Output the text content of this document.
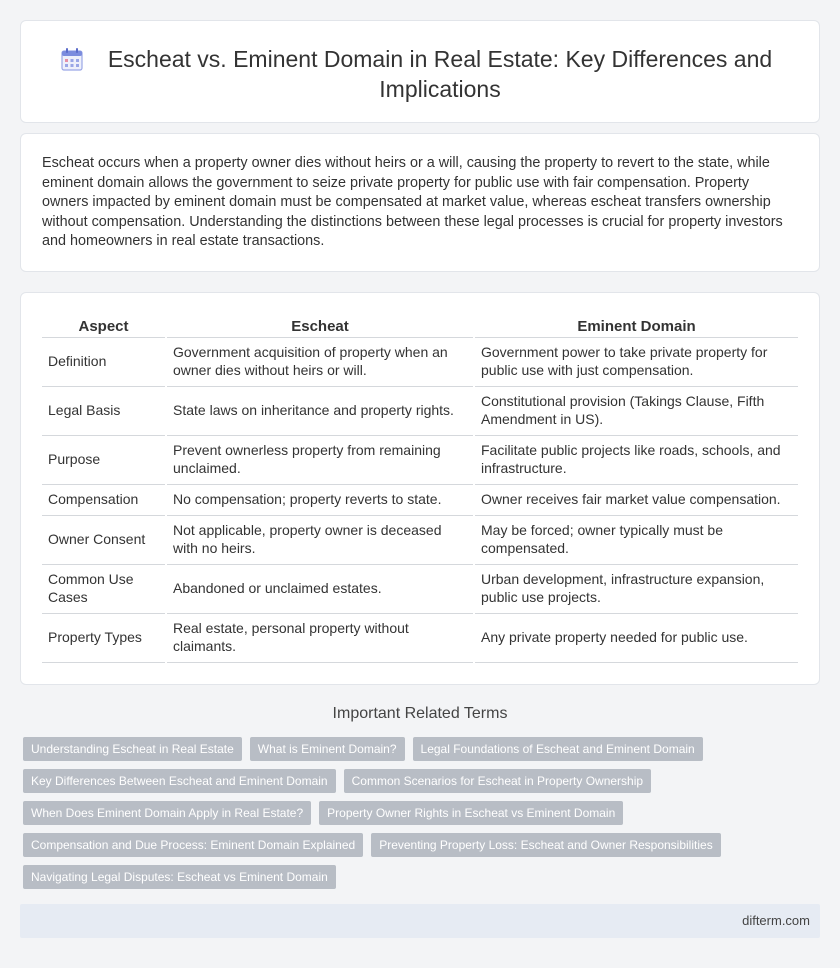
Escheat vs. Eminent Domain in Real Estate: Key Differences and Implications

Escheat occurs when a property owner dies without heirs or a will, causing the property to revert to the state, while eminent domain allows the government to seize private property for public use with fair compensation. Property owners impacted by eminent domain must be compensated at market value, whereas escheat transfers ownership without compensation. Understanding the distinctions between these legal processes is crucial for property investors and homeowners in real estate transactions.

Aspect	Escheat	Eminent Domain
Definition	Government acquisition of property when an owner dies without heirs or will.	Government power to take private property for public use with just compensation.
Legal Basis	State laws on inheritance and property rights.	Constitutional provision (Takings Clause, Fifth Amendment in US).
Purpose	Prevent ownerless property from remaining unclaimed.	Facilitate public projects like roads, schools, and infrastructure.
Compensation	No compensation; property reverts to state.	Owner receives fair market value compensation.
Owner Consent	Not applicable, property owner is deceased with no heirs.	May be forced; owner typically must be compensated.
Common Use Cases	Abandoned or unclaimed estates.	Urban development, infrastructure expansion, public use projects.
Property Types	Real estate, personal property without claimants.	Any private property needed for public use.
Important Related Terms
Understanding Escheat in Real Estate	What is Eminent Domain?	Legal Foundations of Escheat and Eminent Domain
Key Differences Between Escheat and Eminent Domain	Common Scenarios for Escheat in Property Ownership
When Does Eminent Domain Apply in Real Estate?	Property Owner Rights in Escheat vs Eminent Domain
Compensation and Due Process: Eminent Domain Explained	Preventing Property Loss: Escheat and Owner Responsibilities
Navigating Legal Disputes: Escheat vs Eminent Domain
difterm.com
